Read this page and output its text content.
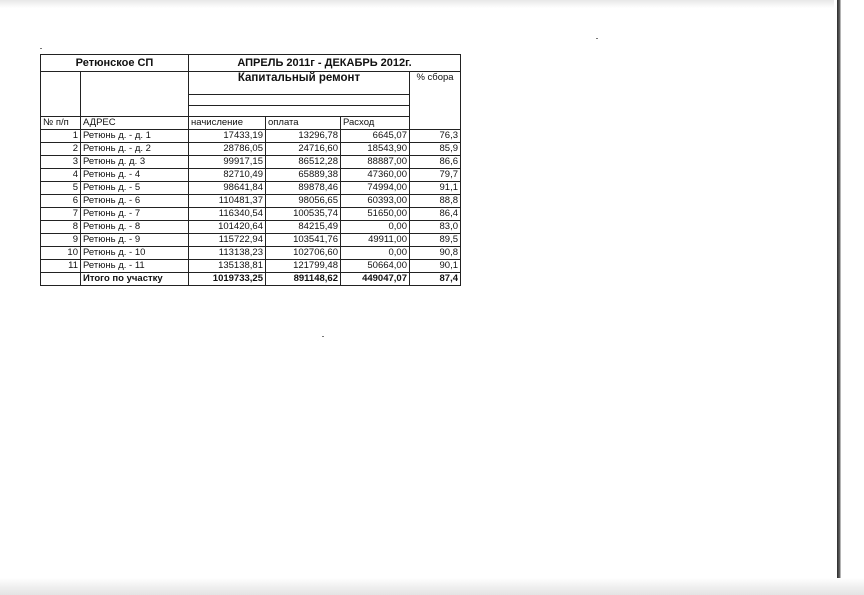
Ретюнское СП		АПРЕЛЬ 2011г - ДЕКАБРЬ 2012г.			
		Капитальный ремонт			% сбора

№ п/п	АДРЕС	начисление	оплата	Расход	
1	Ретюнь д. - д. 1	17433,19	13296,78	6645,07	76,3
2	Ретюнь д. - д. 2	28786,05	24716,60	18543,90	85,9
3	Ретюнь д. д. 3	99917,15	86512,28	88887,00	86,6
4	Ретюнь д. - 4	82710,49	65889,38	47360,00	79,7
5	Ретюнь д. - 5	98641,84	89878,46	74994,00	91,1
6	Ретюнь д. - 6	110481,37	98056,65	60393,00	88,8
7	Ретюнь д. - 7	116340,54	100535,74	51650,00	86,4
8	Ретюнь д. - 8	101420,64	84215,49	0,00	83,0
9	Ретюнь д. - 9	115722,94	103541,76	49911,00	89,5
10	Ретюнь д. - 10	113138,23	102706,60	0,00	90,8
11	Ретюнь д. - 11	135138,81	121799,48	50664,00	90,1
	Итого по участку	1019733,25	891148,62	449047,07	87,4
